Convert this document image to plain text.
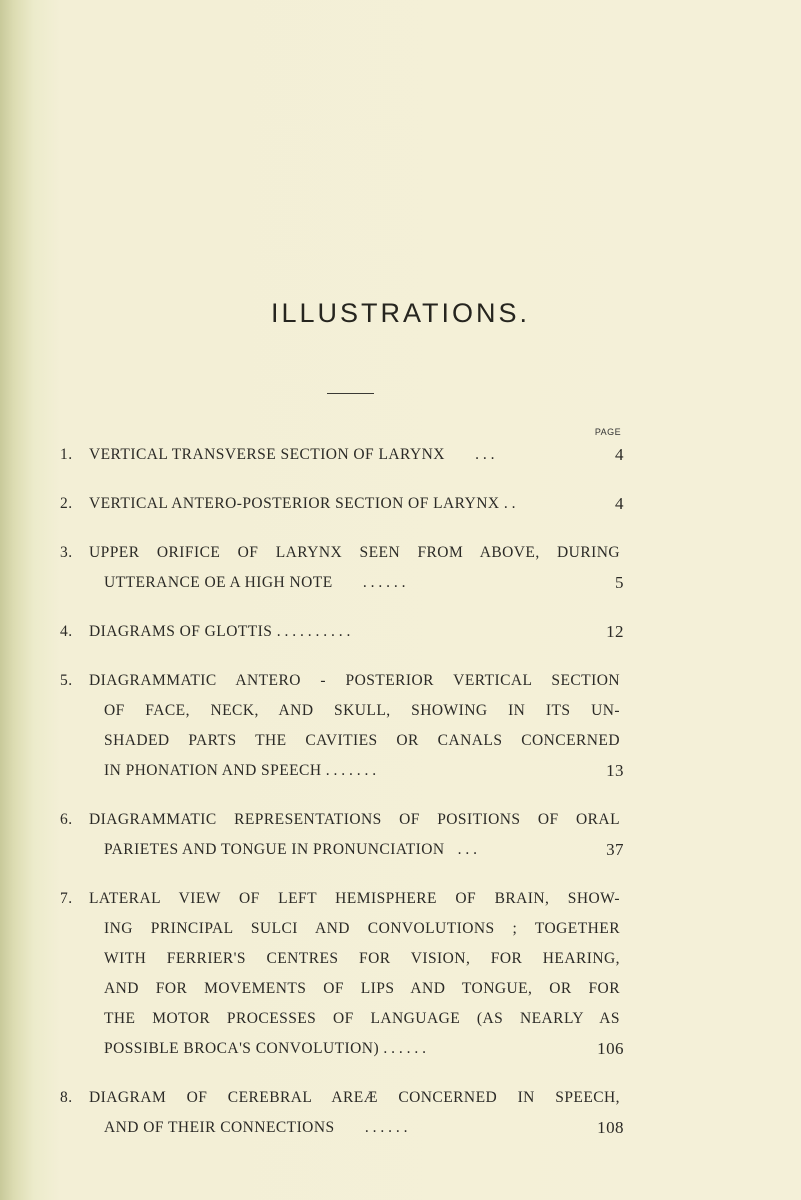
ILLUSTRATIONS.
PAGE
1.	VERTICAL TRANSVERSE SECTION OF LARYNX . . .	4
2.	VERTICAL ANTERO-POSTERIOR SECTION OF LARYNX . .	4
3.	UPPER ORIFICE OF LARYNX SEEN FROM ABOVE, DURING
UTTERANCE OE A HIGH NOTE . . . . . .	5
4.	DIAGRAMS OF GLOTTIS . . . . . . . . . .	12
5.	DIAGRAMMATIC ANTERO - POSTERIOR VERTICAL SECTION
OF FACE, NECK, AND SKULL, SHOWING IN ITS UN-
SHADED PARTS THE CAVITIES OR CANALS CONCERNED
IN PHONATION AND SPEECH . . . . . . .	13
6.	DIAGRAMMATIC REPRESENTATIONS OF POSITIONS OF ORAL
PARIETES AND TONGUE IN PRONUNCIATION . . .	37
7.	LATERAL VIEW OF LEFT HEMISPHERE OF BRAIN, SHOW-
ING PRINCIPAL SULCI AND CONVOLUTIONS ; TOGETHER
WITH FERRIER'S CENTRES FOR VISION, FOR HEARING,
AND FOR MOVEMENTS OF LIPS AND TONGUE, OR FOR
THE MOTOR PROCESSES OF LANGUAGE (AS NEARLY AS
POSSIBLE BROCA'S CONVOLUTION) . . . . . .	106
8.	DIAGRAM OF CEREBRAL AREÆ CONCERNED IN SPEECH,
AND OF THEIR CONNECTIONS . . . . . .	108
